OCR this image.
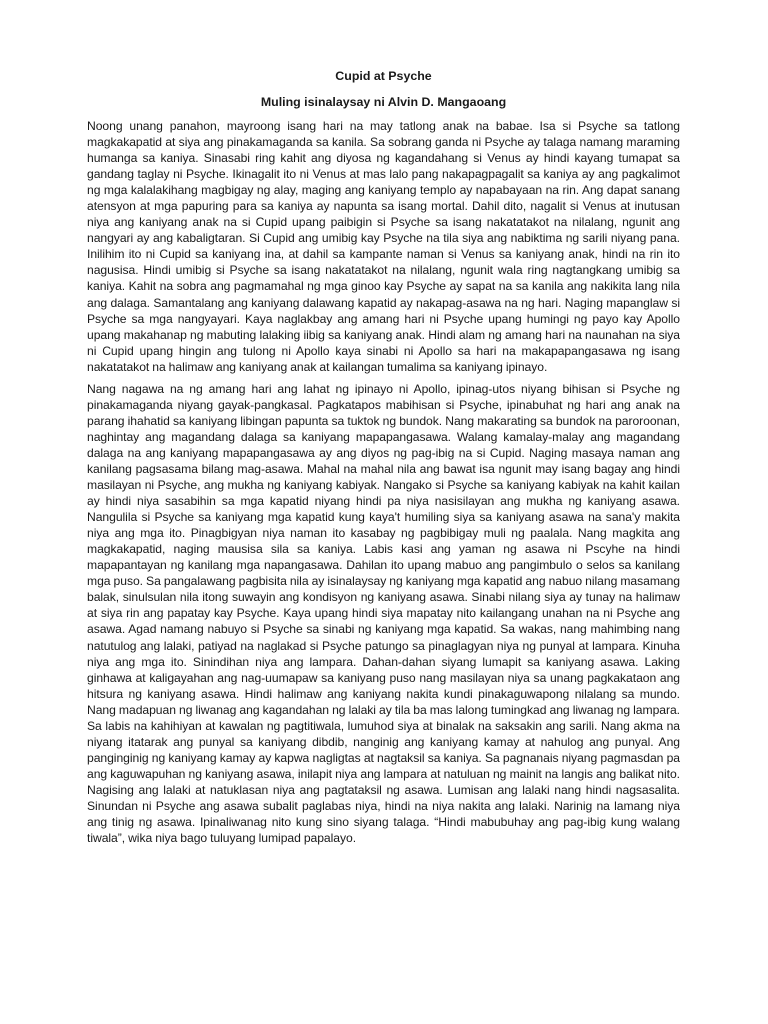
Cupid at Psyche
Muling isinalaysay ni Alvin D. Mangaoang

Noong unang panahon, mayroong isang hari na may tatlong anak na babae. Isa si Psyche sa tatlong magkakapatid at siya ang pinakamaganda sa kanila. Sa sobrang ganda ni Psyche ay talaga namang maraming humanga sa kaniya. Sinasabi ring kahit ang diyosa ng kagandahang si Venus ay hindi kayang tumapat sa gandang taglay ni Psyche. Ikinagalit ito ni Venus at mas lalo pang nakapagpagalit sa kaniya ay ang pagkalimot ng mga kalalakihang magbigay ng alay, maging ang kaniyang templo ay napabayaan na rin. Ang dapat sanang atensyon at mga papuring para sa kaniya ay napunta sa isang mortal. Dahil dito, nagalit si Venus at inutusan niya ang kaniyang anak na si Cupid upang paibigin si Psyche sa isang nakatatakot na nilalang, ngunit ang nangyari ay ang kabaligtaran. Si Cupid ang umibig kay Psyche na tila siya ang nabiktima ng sarili niyang pana. Inilihim ito ni Cupid sa kaniyang ina, at dahil sa kampante naman si Venus sa kaniyang anak, hindi na rin ito nagusisa. Hindi umibig si Psyche sa isang nakatatakot na nilalang, ngunit wala ring nagtangkang umibig sa kaniya. Kahit na sobra ang pagmamahal ng mga ginoo kay Psyche ay sapat na sa kanila ang nakikita lang nila ang dalaga. Samantalang ang kaniyang dalawang kapatid ay nakapag-asawa na ng hari. Naging mapanglaw si Psyche sa mga nangyayari. Kaya naglakbay ang amang hari ni Psyche upang humingi ng payo kay Apollo upang makahanap ng mabuting lalaking iibig sa kaniyang anak. Hindi alam ng amang hari na naunahan na siya ni Cupid upang hingin ang tulong ni Apollo kaya sinabi ni Apollo sa hari na makapapangasawa ng isang nakatatakot na halimaw ang kaniyang anak at kailangan tumalima sa kaniyang ipinayo.

Nang nagawa na ng amang hari ang lahat ng ipinayo ni Apollo, ipinag-utos niyang bihisan si Psyche ng pinakamaganda niyang gayak-pangkasal. Pagkatapos mabihisan si Psyche, ipinabuhat ng hari ang anak na parang ihahatid sa kaniyang libingan papunta sa tuktok ng bundok. Nang makarating sa bundok na paroroonan, naghintay ang magandang dalaga sa kaniyang mapapangasawa. Walang kamalay-malay ang magandang dalaga na ang kaniyang mapapangasawa ay ang diyos ng pag-ibig na si Cupid. Naging masaya naman ang kanilang pagsasama bilang mag-asawa. Mahal na mahal nila ang bawat isa ngunit may isang bagay ang hindi masilayan ni Psyche, ang mukha ng kaniyang kabiyak. Nangako si Psyche sa kaniyang kabiyak na kahit kailan ay hindi niya sasabihin sa mga kapatid niyang hindi pa niya nasisilayan ang mukha ng kaniyang asawa. Nangulila si Psyche sa kaniyang mga kapatid kung kaya't humiling siya sa kaniyang asawa na sana'y makita niya ang mga ito. Pinagbigyan niya naman ito kasabay ng pagbibigay muli ng paalala. Nang magkita ang magkakapatid, naging mausisa sila sa kaniya. Labis kasi ang yaman ng asawa ni Pscyhe na hindi mapapantayan ng kanilang mga napangasawa. Dahilan ito upang mabuo ang pangimbulo o selos sa kanilang mga puso. Sa pangalawang pagbisita nila ay isinalaysay ng kaniyang mga kapatid ang nabuo nilang masamang balak, sinulsulan nila itong suwayin ang kondisyon ng kaniyang asawa. Sinabi nilang siya ay tunay na halimaw at siya rin ang papatay kay Psyche. Kaya upang hindi siya mapatay nito kailangang unahan na ni Psyche ang asawa. Agad namang nabuyo si Psyche sa sinabi ng kaniyang mga kapatid. Sa wakas, nang mahimbing nang natutulog ang lalaki, patiyad na naglakad si Psyche patungo sa pinaglagyan niya ng punyal at lampara. Kinuha niya ang mga ito. Sinindihan niya ang lampara. Dahan-dahan siyang lumapit sa kaniyang asawa. Laking ginhawa at kaligayahan ang nag-uumapaw sa kaniyang puso nang masilayan niya sa unang pagkakataon ang hitsura ng kaniyang asawa. Hindi halimaw ang kaniyang nakita kundi pinakaguwapong nilalang sa mundo. Nang madapuan ng liwanag ang kagandahan ng lalaki ay tila ba mas lalong tumingkad ang liwanag ng lampara. Sa labis na kahihiyan at kawalan ng pagtitiwala, lumuhod siya at binalak na saksakin ang sarili. Nang akma na niyang itatarak ang punyal sa kaniyang dibdib, nanginig ang kaniyang kamay at nahulog ang punyal. Ang panginginig ng kaniyang kamay ay kapwa nagligtas at nagtaksil sa kaniya. Sa pagnanais niyang pagmasdan pa ang kaguwapuhan ng kaniyang asawa, inilapit niya ang lampara at natuluan ng mainit na langis ang balikat nito. Nagising ang lalaki at natuklasan niya ang pagtataksil ng asawa. Lumisan ang lalaki nang hindi nagsasalita. Sinundan ni Psyche ang asawa subalit paglabas niya, hindi na niya nakita ang lalaki. Narinig na lamang niya ang tinig ng asawa. Ipinaliwanag nito kung sino siyang talaga. “Hindi mabubuhay ang pag-ibig kung walang tiwala”, wika niya bago tuluyang lumipad papalayo.
